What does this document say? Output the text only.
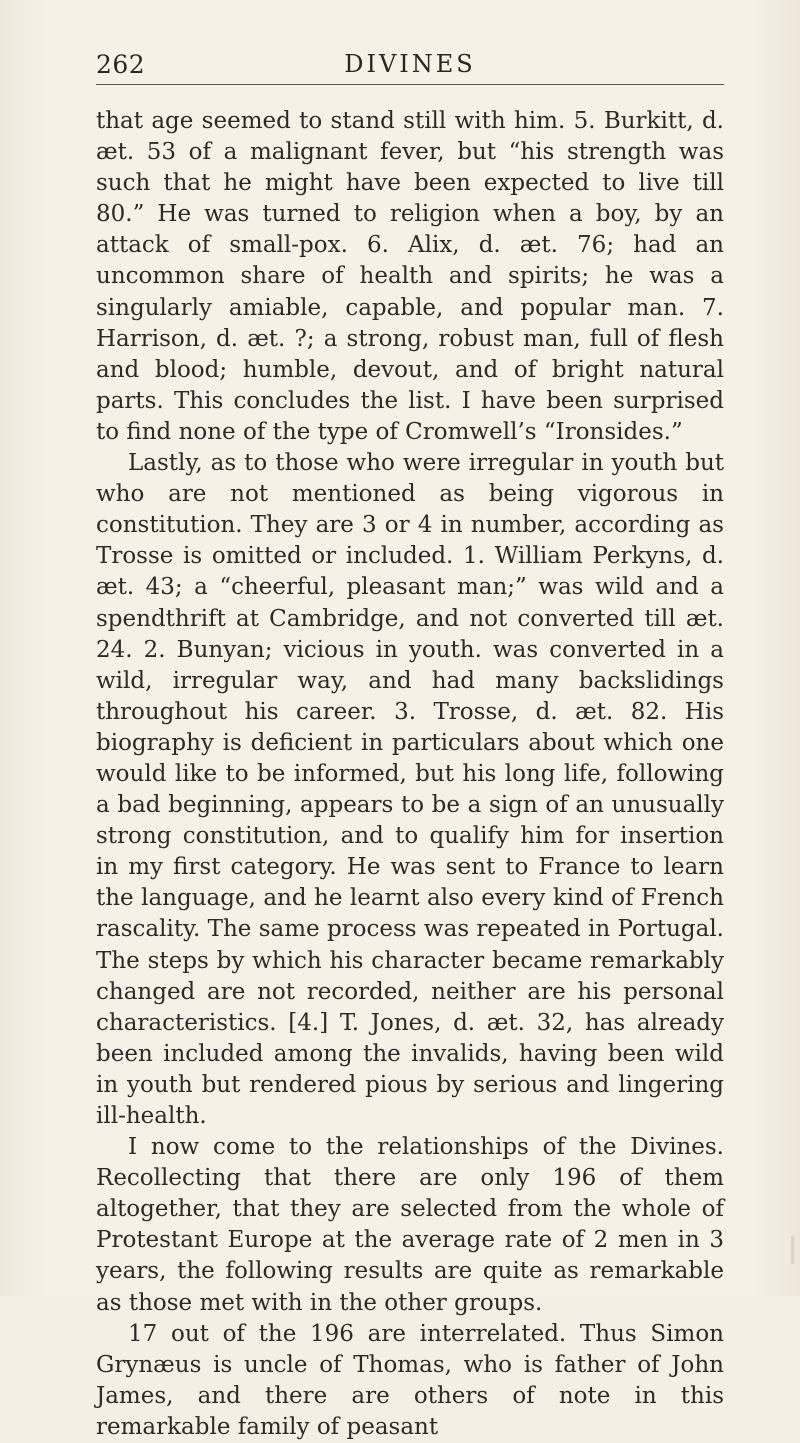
262	DIVINES

that age seemed to stand still with him. 5. Burkitt, d. æt. 53 of a malignant fever, but “his strength was such that he might have been expected to live till 80.” He was turned to religion when a boy, by an attack of small-pox. 6. Alix, d. æt. 76; had an uncommon share of health and spirits; he was a singularly amiable, capable, and popular man. 7. Harrison, d. æt. ?; a strong, robust man, full of flesh and blood; humble, devout, and of bright natural parts. This concludes the list. I have been surprised to find none of the type of Cromwell’s “Ironsides.”

Lastly, as to those who were irregular in youth but who are not mentioned as being vigorous in constitution. They are 3 or 4 in number, according as Trosse is omitted or included. 1. William Perkyns, d. æt. 43; a “cheerful, pleasant man;” was wild and a spendthrift at Cambridge, and not converted till æt. 24. 2. Bunyan; vicious in youth. was converted in a wild, irregular way, and had many backslidings throughout his career. 3. Trosse, d. æt. 82. His biography is deficient in particulars about which one would like to be informed, but his long life, following a bad beginning, appears to be a sign of an unusually strong constitution, and to qualify him for insertion in my first category. He was sent to France to learn the language, and he learnt also every kind of French rascality. The same process was repeated in Portugal. The steps by which his character became remarkably changed are not recorded, neither are his personal characteristics. [4.] T. Jones, d. æt. 32, has already been included among the invalids, having been wild in youth but rendered pious by serious and lingering ill-health.

I now come to the relationships of the Divines. Recollecting that there are only 196 of them altogether, that they are selected from the whole of Protestant Europe at the average rate of 2 men in 3 years, the following results are quite as remarkable as those met with in the other groups.

17 out of the 196 are interrelated. Thus Simon Grynæus is uncle of Thomas, who is father of John James, and there are others of note in this remarkable family of peasant
